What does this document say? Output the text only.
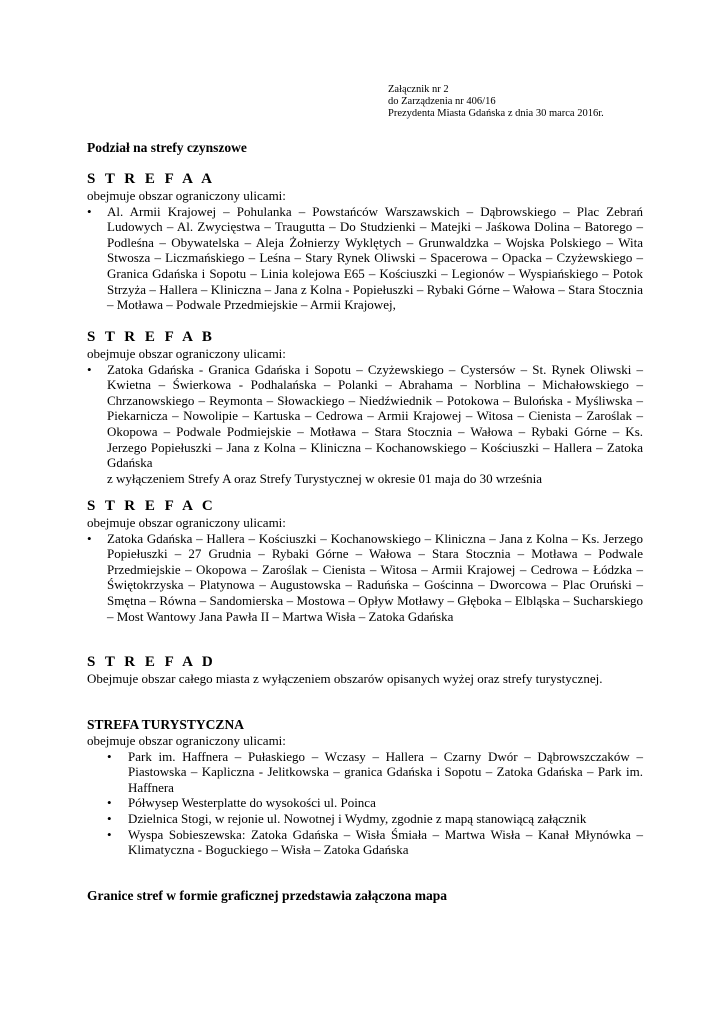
Załącznik nr 2
do Zarządzenia nr 406/16
Prezydenta Miasta Gdańska z dnia 30 marca 2016r.
Podział na strefy czynszowe
S T R E F A A

obejmuje obszar ograniczony ulicami:

• Al. Armii Krajowej – Pohulanka – Powstańców Warszawskich – Dąbrowskiego – Plac Zebrań Ludowych – Al. Zwycięstwa – Traugutta – Do Studzienki – Matejki – Jaśkowa Dolina – Batorego – Podleśna – Obywatelska – Aleja Żołnierzy Wyklętych – Grunwaldzka – Wojska Polskiego – Wita Stwosza – Liczmańskiego – Leśna – Stary Rynek Oliwski – Spacerowa – Opacka – Czyżewskiego – Granica Gdańska i Sopotu – Linia kolejowa E65 – Kościuszki – Legionów – Wyspiańskiego – Potok Strzyża – Hallera – Kliniczna – Jana z Kolna - Popiełuszki – Rybaki Górne – Wałowa – Stara Stocznia – Motława – Podwale Przedmiejskie – Armii Krajowej,
S T R E F A B

obejmuje obszar ograniczony ulicami:

• Zatoka Gdańska - Granica Gdańska i Sopotu – Czyżewskiego – Cystersów – St. Rynek Oliwski – Kwietna – Świerkowa - Podhalańska – Polanki – Abrahama – Norblina – Michałowskiego – Chrzanowskiego – Reymonta – Słowackiego – Niedźwiednik – Potokowa – Bulońska - Myśliwska – Piekarnicza – Nowolipie – Kartuska – Cedrowa – Armii Krajowej – Witosa – Cienista – Zaroślak – Okopowa – Podwale Podmiejskie – Motława – Stara Stocznia – Wałowa – Rybaki Górne – Ks. Jerzego Popiełuszki – Jana z Kolna – Kliniczna – Kochanowskiego – Kościuszki – Hallera – Zatoka Gdańska

z wyłączeniem Strefy A oraz Strefy Turystycznej w okresie 01 maja do 30 września

S T R E F A C

obejmuje obszar ograniczony ulicami:

• Zatoka Gdańska – Hallera – Kościuszki – Kochanowskiego – Kliniczna – Jana z Kolna – Ks. Jerzego Popiełuszki – 27 Grudnia – Rybaki Górne – Wałowa – Stara Stocznia – Motława – Podwale Przedmiejskie – Okopowa – Zaroślak – Cienista – Witosa – Armii Krajowej – Cedrowa – Łódzka – Świętokrzyska – Platynowa – Augustowska – Raduńska – Gościnna – Dworcowa – Plac Oruński – Smętna – Równa – Sandomierska – Mostowa – Opływ Motławy – Głęboka – Elbląska – Sucharskiego – Most Wantowy Jana Pawła II – Martwa Wisła – Zatoka Gdańska
S T R E F A D

Obejmuje obszar całego miasta z wyłączeniem obszarów opisanych wyżej oraz strefy turystycznej.

STREFA TURYSTYCZNA

obejmuje obszar ograniczony ulicami:

• Park im. Haffnera – Pułaskiego – Wczasy – Hallera – Czarny Dwór – Dąbrowszczaków – Piastowska – Kapliczna - Jelitkowska – granica Gdańska i Sopotu – Zatoka Gdańska – Park im. Haffnera
• Półwysep Westerplatte do wysokości ul. Poinca
• Dzielnica Stogi, w rejonie ul. Nowotnej i Wydmy, zgodnie z mapą stanowiącą załącznik
• Wyspa Sobieszewska: Zatoka Gdańska – Wisła Śmiała – Martwa Wisła – Kanał Młynówka – Klimatyczna - Boguckiego – Wisła – Zatoka Gdańska
Granice stref w formie graficznej przedstawia załączona mapa
